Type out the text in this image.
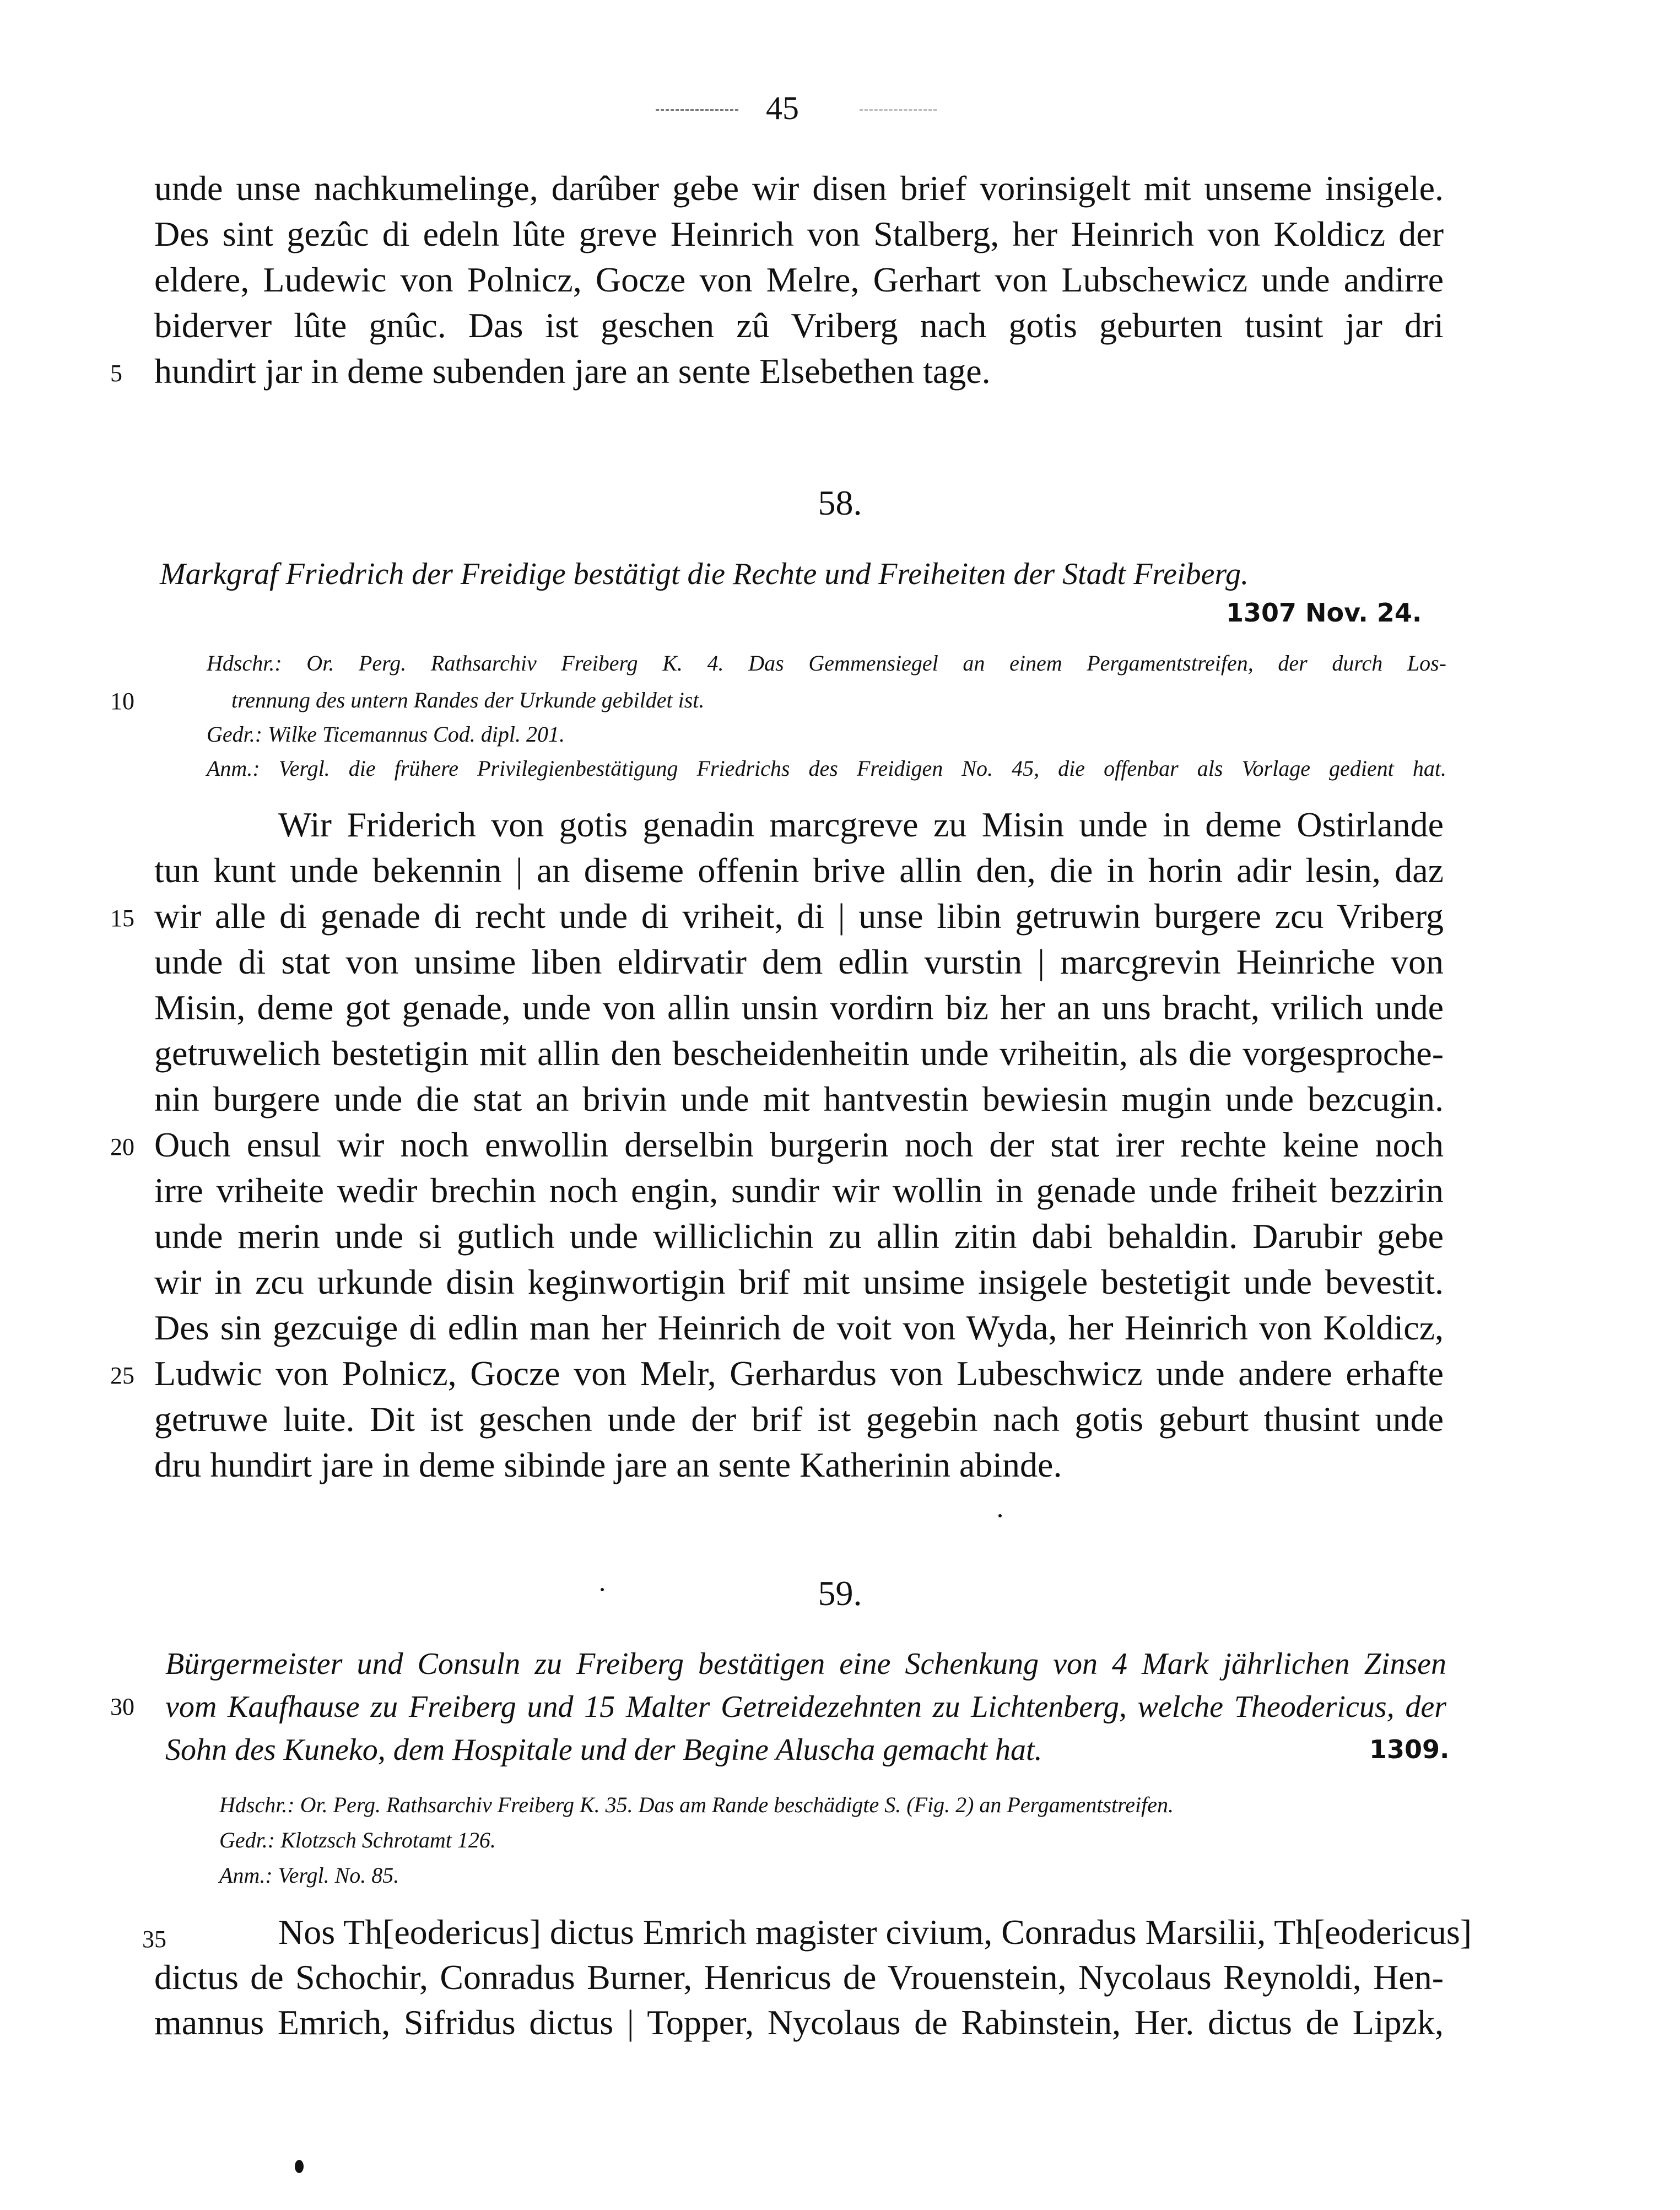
45
unde unse nachkumelinge, darûber gebe wir disen brief vorinsigelt mit unseme insigele.
Des sint gezûc di edeln lûte greve Heinrich von Stalberg, her Heinrich von Koldicz der
eldere, Ludewic von Polnicz, Gocze von Melre, Gerhart von Lubschewicz unde andirre
biderver lûte gnûc. Das ist geschen zû Vriberg nach gotis geburten tusint jar dri
5 hundirt jar in deme subenden jare an sente Elsebethen tage.
58.
Markgraf Friedrich der Freidige bestätigt die Rechte und Freiheiten der Stadt Freiberg.
1307 Nov. 24.
Hdschr.: Or. Perg. Rathsarchiv Freiberg K. 4. Das Gemmensiegel an einem Pergamentstreifen, der durch Los-
10	trennung des untern Randes der Urkunde gebildet ist.
Gedr.: Wilke Ticemannus Cod. dipl. 201.
Anm.: Vergl. die frühere Privilegienbestätigung Friedrichs des Freidigen No. 45, die offenbar als Vorlage gedient hat.
Wir Friderich von gotis genadin marcgreve zu Misin unde in deme Ostirlande
tun kunt unde bekennin | an diseme offenin brive allin den, die in horin adir lesin, daz
15 wir alle di genade di recht unde di vriheit, di | unse libin getruwin burgere zcu Vriberg
unde di stat von unsime liben eldirvatir dem edlin vurstin | marcgrevin Heinriche von
Misin, deme got genade, unde von allin unsin vordirn biz her an uns bracht, vrilich unde
getruwelich bestetigin mit allin den bescheidenheitin unde vriheitin, als die vorgesproche-
nin burgere unde die stat an brivin unde mit hantvestin bewiesin mugin unde bezcugin.
20 Ouch ensul wir noch enwollin derselbin burgerin noch der stat irer rechte keine noch
irre vriheite wedir brechin noch engin, sundir wir wollin in genade unde friheit bezzirin
unde merin unde si gutlich unde williclichin zu allin zitin dabi behaldin. Darubir gebe
wir in zcu urkunde disin keginwortigin brif mit unsime insigele bestetigit unde bevestit.
Des sin gezcuige di edlin man her Heinrich de voit von Wyda, her Heinrich von Koldicz,
25 Ludwic von Polnicz, Gocze von Melr, Gerhardus von Lubeschwicz unde andere erhafte
getruwe luite. Dit ist geschen unde der brif ist gegebin nach gotis geburt thusint unde
dru hundirt jare in deme sibinde jare an sente Katherinin abinde.
59.
Bürgermeister und Consuln zu Freiberg bestätigen eine Schenkung von 4 Mark jährlichen Zinsen
30 vom Kaufhause zu Freiberg und 15 Malter Getreidezehnten zu Lichtenberg, welche Theodericus, der
Sohn des Kuneko, dem Hospitale und der Begine Aluscha gemacht hat.	1309.
Hdschr.: Or. Perg. Rathsarchiv Freiberg K. 35. Das am Rande beschädigte S. (Fig. 2) an Pergamentstreifen.
Gedr.: Klotzsch Schrotamt 126.
Anm.: Vergl. No. 85.
35	Nos Th[eodericus] dictus Emrich magister civium, Conradus Marsilii, Th[eodericus]
dictus de Schochir, Conradus Burner, Henricus de Vrouenstein, Nycolaus Reynoldi, Hen-
mannus Emrich, Sifridus dictus | Topper, Nycolaus de Rabinstein, Her. dictus de Lipzk,
